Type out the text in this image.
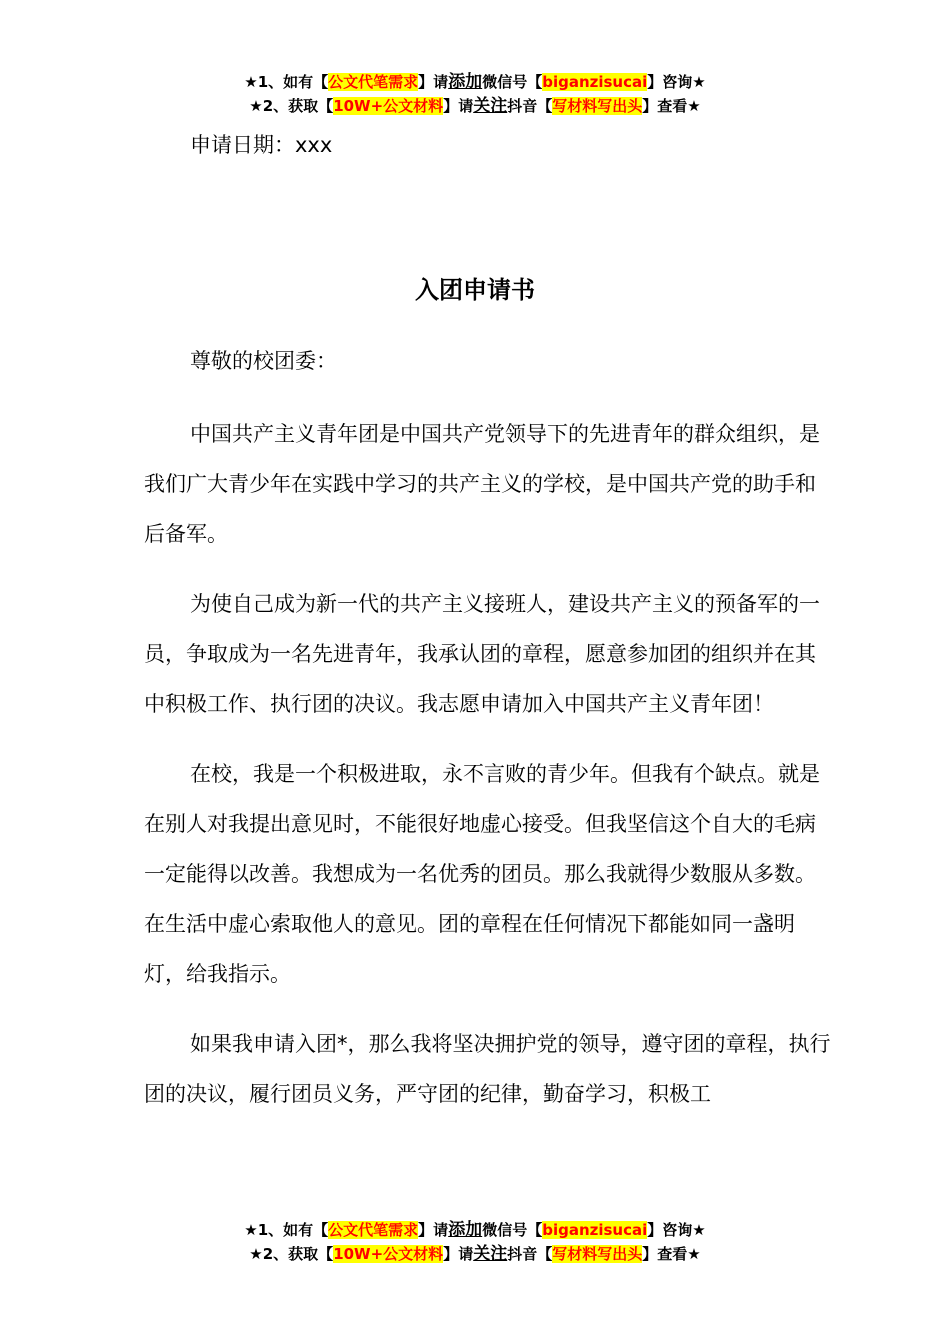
★1、如有【公文代笔需求】请添加微信号【biganzisucai】咨询★
★2、获取【10W+公文材料】请关注抖音【写材料写出头】查看★
申请日期：xxx
入团申请书
尊敬的校团委：

中国共产主义青年团是中国共产党领导下的先进青年的群众组织，是我们广大青少年在实践中学习的共产主义的学校，是中国共产党的助手和后备军。

为使自己成为新一代的共产主义接班人，建设共产主义的预备军的一员，争取成为一名先进青年，我承认团的章程，愿意参加团的组织并在其中积极工作、执行团的决议。我志愿申请加入中国共产主义青年团！

在校，我是一个积极进取，永不言败的青少年。但我有个缺点。就是在别人对我提出意见时，不能很好地虚心接受。但我坚信这个自大的毛病一定能得以改善。我想成为一名优秀的团员。那么我就得少数服从多数。在生活中虚心索取他人的意见。团的章程在任何情况下都能如同一盏明灯，给我指示。

如果我申请入团*，那么我将坚决拥护党的领导，遵守团的章程，执行团的决议，履行团员义务，严守团的纪律，勤奋学习，积极工

★1、如有【公文代笔需求】请添加微信号【biganzisucai】咨询★
★2、获取【10W+公文材料】请关注抖音【写材料写出头】查看★
